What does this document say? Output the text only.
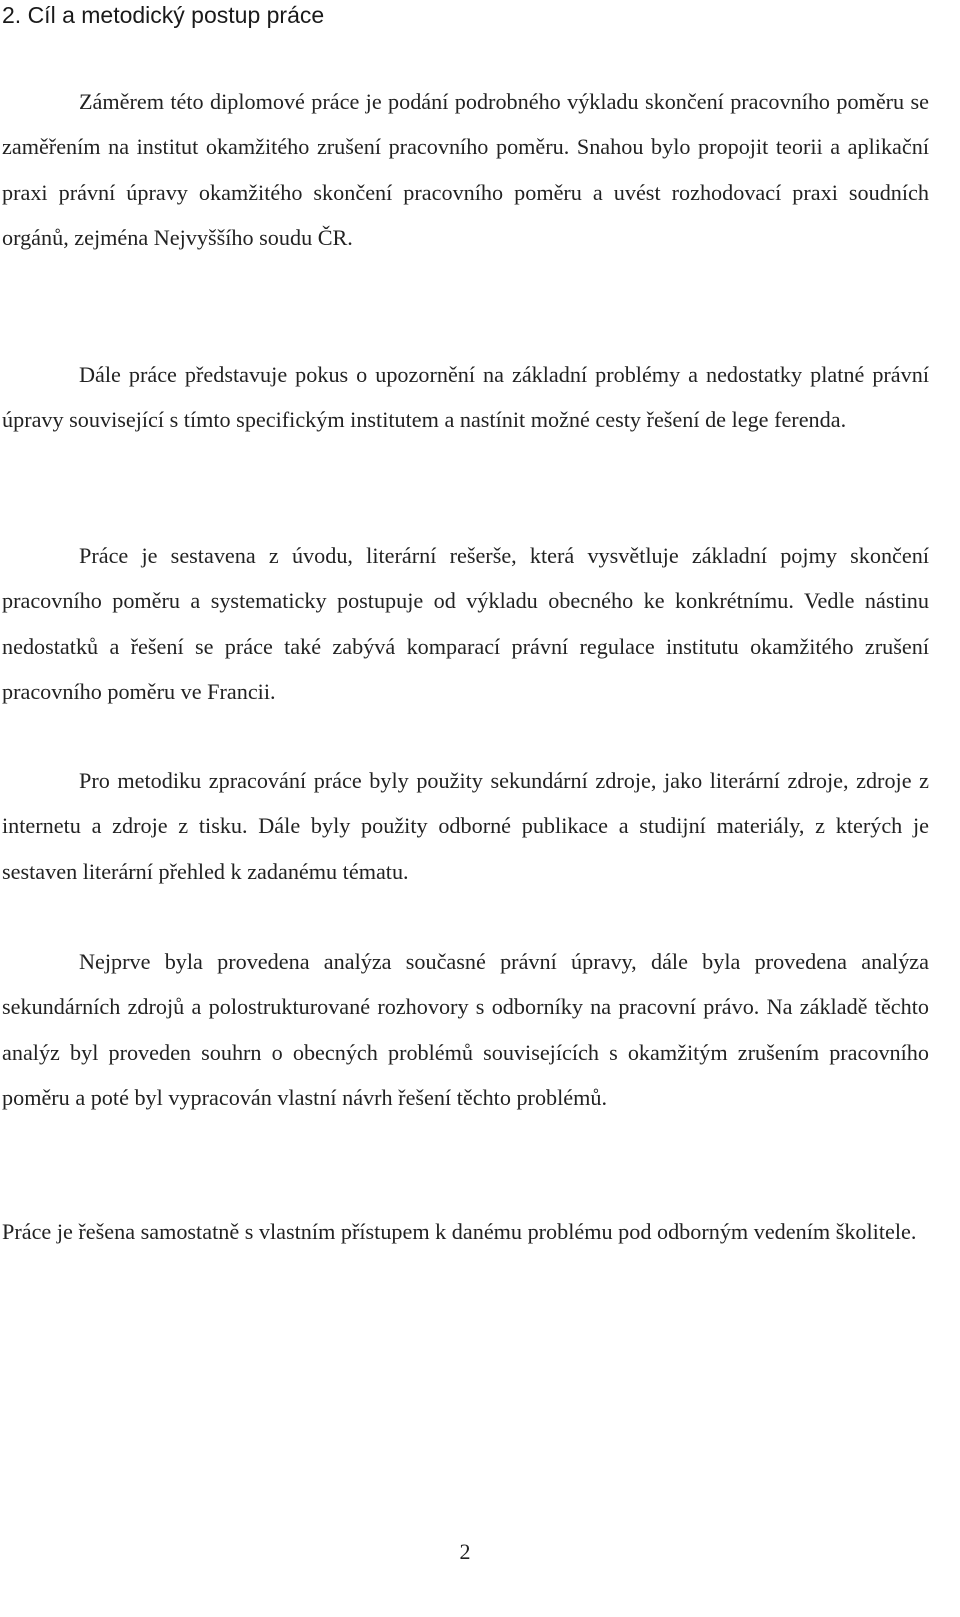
2. Cíl a metodický postup práce

Záměrem této diplomové práce je podání podrobného výkladu skončení pracovního poměru se zaměřením na institut okamžitého zrušení pracovního poměru. Snahou bylo propojit teorii a aplikační praxi právní úpravy okamžitého skončení pracovního poměru a uvést rozhodovací praxi soudních orgánů, zejména Nejvyššího soudu ČR.

Dále práce představuje pokus o upozornění na základní problémy a nedostatky platné právní úpravy související s tímto specifickým institutem a nastínit možné cesty řešení de lege ferenda.

Práce je sestavena z úvodu, literární rešerše, která vysvětluje základní pojmy skončení pracovního poměru a systematicky postupuje od výkladu obecného ke konkrétnímu. Vedle nástinu nedostatků a řešení se práce také zabývá komparací právní regulace institutu okamžitého zrušení pracovního poměru ve Francii.

Pro metodiku zpracování práce byly použity sekundární zdroje, jako literární zdroje, zdroje z internetu a zdroje z tisku. Dále byly použity odborné publikace a studijní materiály, z kterých je sestaven literární přehled k zadanému tématu.

Nejprve byla provedena analýza současné právní úpravy, dále byla provedena analýza sekundárních zdrojů a polostrukturované rozhovory s odborníky na pracovní právo. Na základě těchto analýz byl proveden souhrn o obecných problémů souvisejících s okamžitým zrušením pracovního poměru a poté byl vypracován vlastní návrh řešení těchto problémů.

Práce je řešena samostatně s vlastním přístupem k danému problému pod odborným vedením školitele.

2
